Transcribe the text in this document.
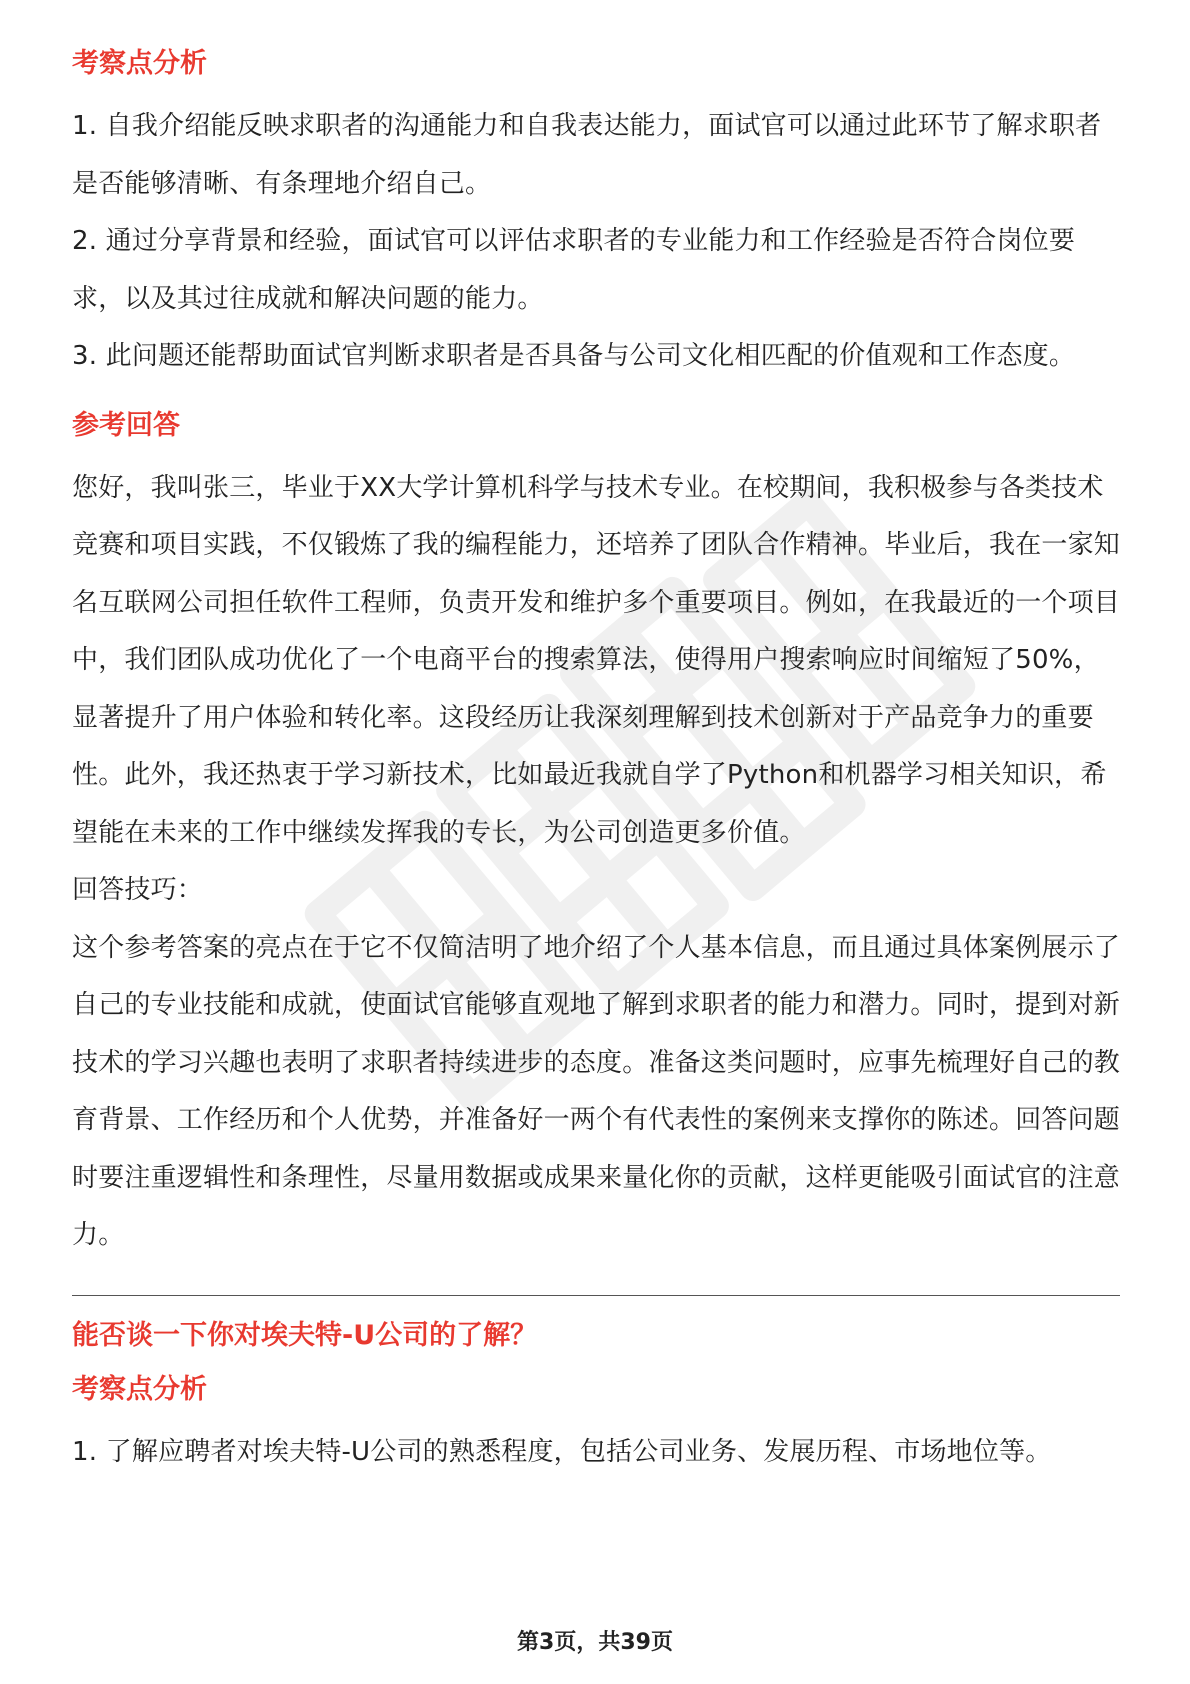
考察点分析

1. 自我介绍能反映求职者的沟通能力和自我表达能力，面试官可以通过此环节了解求职者是否能够清晰、有条理地介绍自己。

2. 通过分享背景和经验，面试官可以评估求职者的专业能力和工作经验是否符合岗位要求，以及其过往成就和解决问题的能力。

3. 此问题还能帮助面试官判断求职者是否具备与公司文化相匹配的价值观和工作态度。

参考回答

您好，我叫张三，毕业于XX大学计算机科学与技术专业。在校期间，我积极参与各类技术竞赛和项目实践，不仅锻炼了我的编程能力，还培养了团队合作精神。毕业后，我在一家知名互联网公司担任软件工程师，负责开发和维护多个重要项目。例如，在我最近的一个项目中，我们团队成功优化了一个电商平台的搜索算法，使得用户搜索响应时间缩短了50%，显著提升了用户体验和转化率。这段经历让我深刻理解到技术创新对于产品竞争力的重要性。此外，我还热衷于学习新技术，比如最近我就自学了Python和机器学习相关知识，希望能在未来的工作中继续发挥我的专长，为公司创造更多价值。

回答技巧：

这个参考答案的亮点在于它不仅简洁明了地介绍了个人基本信息，而且通过具体案例展示了自己的专业技能和成就，使面试官能够直观地了解到求职者的能力和潜力。同时，提到对新技术的学习兴趣也表明了求职者持续进步的态度。准备这类问题时，应事先梳理好自己的教育背景、工作经历和个人优势，并准备好一两个有代表性的案例来支撑你的陈述。回答问题时要注重逻辑性和条理性，尽量用数据或成果来量化你的贡献，这样更能吸引面试官的注意力。

能否谈一下你对埃夫特-U公司的了解？
考察点分析

1. 了解应聘者对埃夫特-U公司的熟悉程度，包括公司业务、发展历程、市场地位等。

第3页，共39页
